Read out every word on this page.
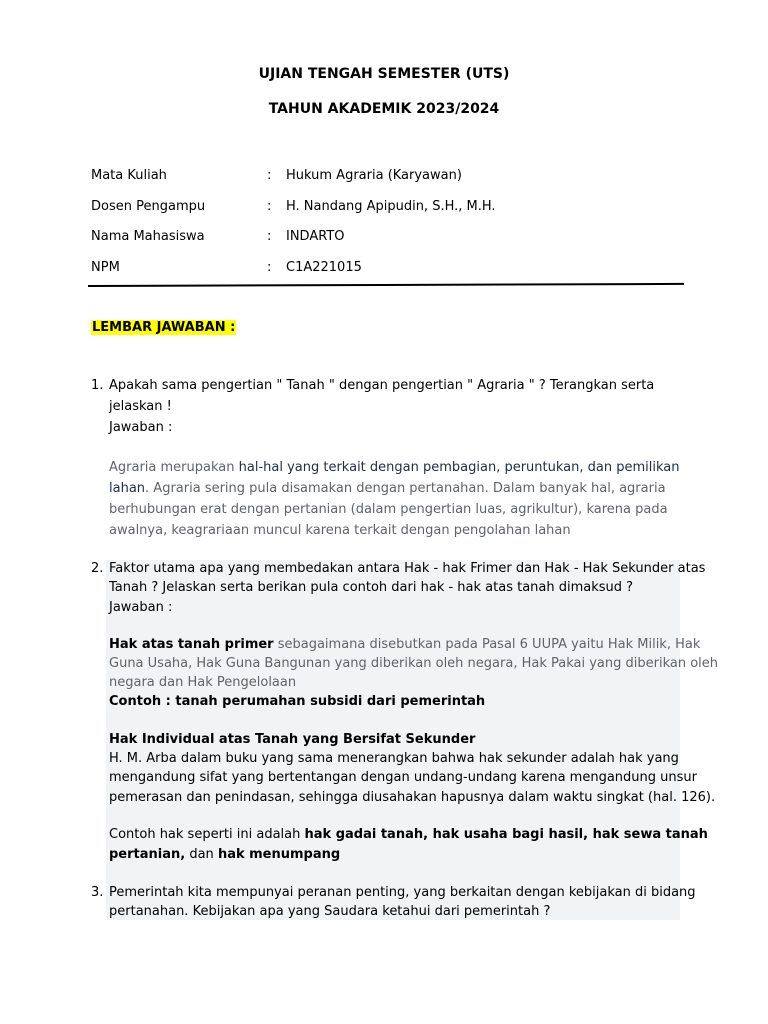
UJIAN TENGAH SEMESTER (UTS)
TAHUN AKADEMIK 2023/2024
Mata Kuliah	: Hukum Agraria (Karyawan)
Dosen Pengampu	: H. Nandang Apipudin, S.H., M.H.
Nama Mahasiswa	: INDARTO
NPM	: C1A221015
LEMBAR JAWABAN :
1. Apakah sama pengertian " Tanah " dengan pengertian " Agraria " ? Terangkan serta
jelaskan !
Jawaban :
Agraria merupakan hal-hal yang terkait dengan pembagian, peruntukan, dan pemilikan
lahan. Agraria sering pula disamakan dengan pertanahan. Dalam banyak hal, agraria
berhubungan erat dengan pertanian (dalam pengertian luas, agrikultur), karena pada
awalnya, keagrariaan muncul karena terkait dengan pengolahan lahan
2. Faktor utama apa yang membedakan antara Hak - hak Frimer dan Hak - Hak Sekunder atas
Tanah ? Jelaskan serta berikan pula contoh dari hak - hak atas tanah dimaksud ?
Jawaban :
Hak atas tanah primer sebagaimana disebutkan pada Pasal 6 UUPA yaitu Hak Milik, Hak
Guna Usaha, Hak Guna Bangunan yang diberikan oleh negara, Hak Pakai yang diberikan oleh
negara dan Hak Pengelolaan
Contoh : tanah perumahan subsidi dari pemerintah
Hak Individual atas Tanah yang Bersifat Sekunder
H. M. Arba dalam buku yang sama menerangkan bahwa hak sekunder adalah hak yang
mengandung sifat yang bertentangan dengan undang-undang karena mengandung unsur
pemerasan dan penindasan, sehingga diusahakan hapusnya dalam waktu singkat (hal. 126).
Contoh hak seperti ini adalah hak gadai tanah, hak usaha bagi hasil, hak sewa tanah
pertanian, dan hak menumpang
3. Pemerintah kita mempunyai peranan penting, yang berkaitan dengan kebijakan di bidang
pertanahan. Kebijakan apa yang Saudara ketahui dari pemerintah ?
